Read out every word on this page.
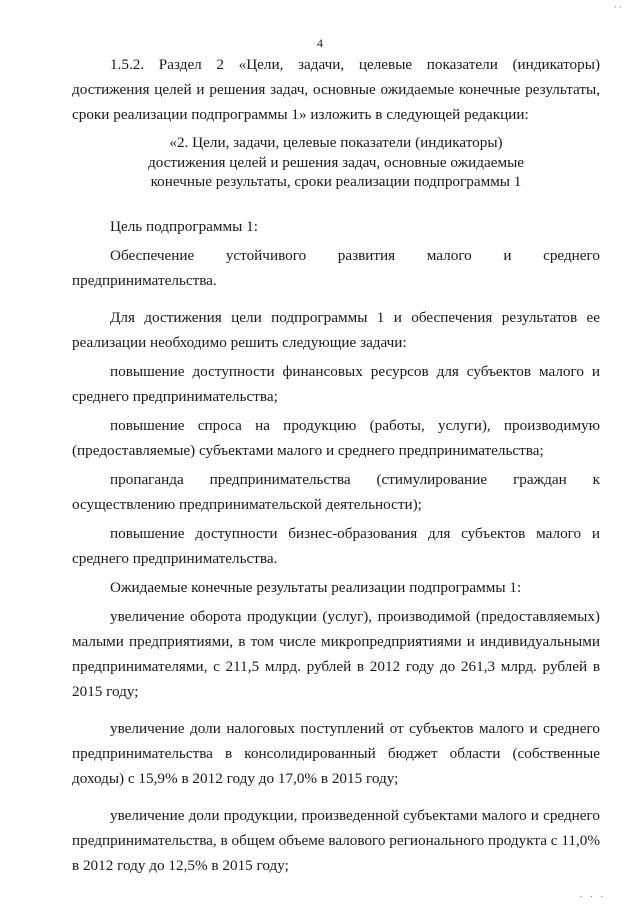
· ·
4

1.5.2. Раздел 2 «Цели, задачи, целевые показатели (индикаторы) достижения целей и решения задач, основные ожидаемые конечные результаты, сроки реализации подпрограммы 1» изложить в следующей редакции:

«2. Цели, задачи, целевые показатели (индикаторы)
достижения целей и решения задач, основные ожидаемые
конечные результаты, сроки реализации подпрограммы 1

Цель подпрограммы 1:

Обеспечение устойчивого развития малого и среднего предпринимательства.

Для достижения цели подпрограммы 1 и обеспечения результатов ее реализации необходимо решить следующие задачи:

повышение доступности финансовых ресурсов для субъектов малого и среднего предпринимательства;

повышение спроса на продукцию (работы, услуги), производимую (предоставляемые) субъектами малого и среднего предпринимательства;

пропаганда предпринимательства (стимулирование граждан к осуществлению предпринимательской деятельности);

повышение доступности бизнес-образования для субъектов малого и среднего предпринимательства.

Ожидаемые конечные результаты реализации подпрограммы 1:

увеличение оборота продукции (услуг), производимой (предоставляемых) малыми предприятиями, в том числе микропредприятиями и индивидуальными предпринимателями, с 211,5 млрд. рублей в 2012 году до 261,3 млрд. рублей в 2015 году;

увеличение доли налоговых поступлений от субъектов малого и среднего предпринимательства в консолидированный бюджет области (собственные доходы) с 15,9% в 2012 году до 17,0% в 2015 году;

увеличение доли продукции, произведенной субъектами малого и среднего предпринимательства, в общем объеме валового регионального продукта с 11,0% в 2012 году до 12,5% в 2015 году;

. . .
